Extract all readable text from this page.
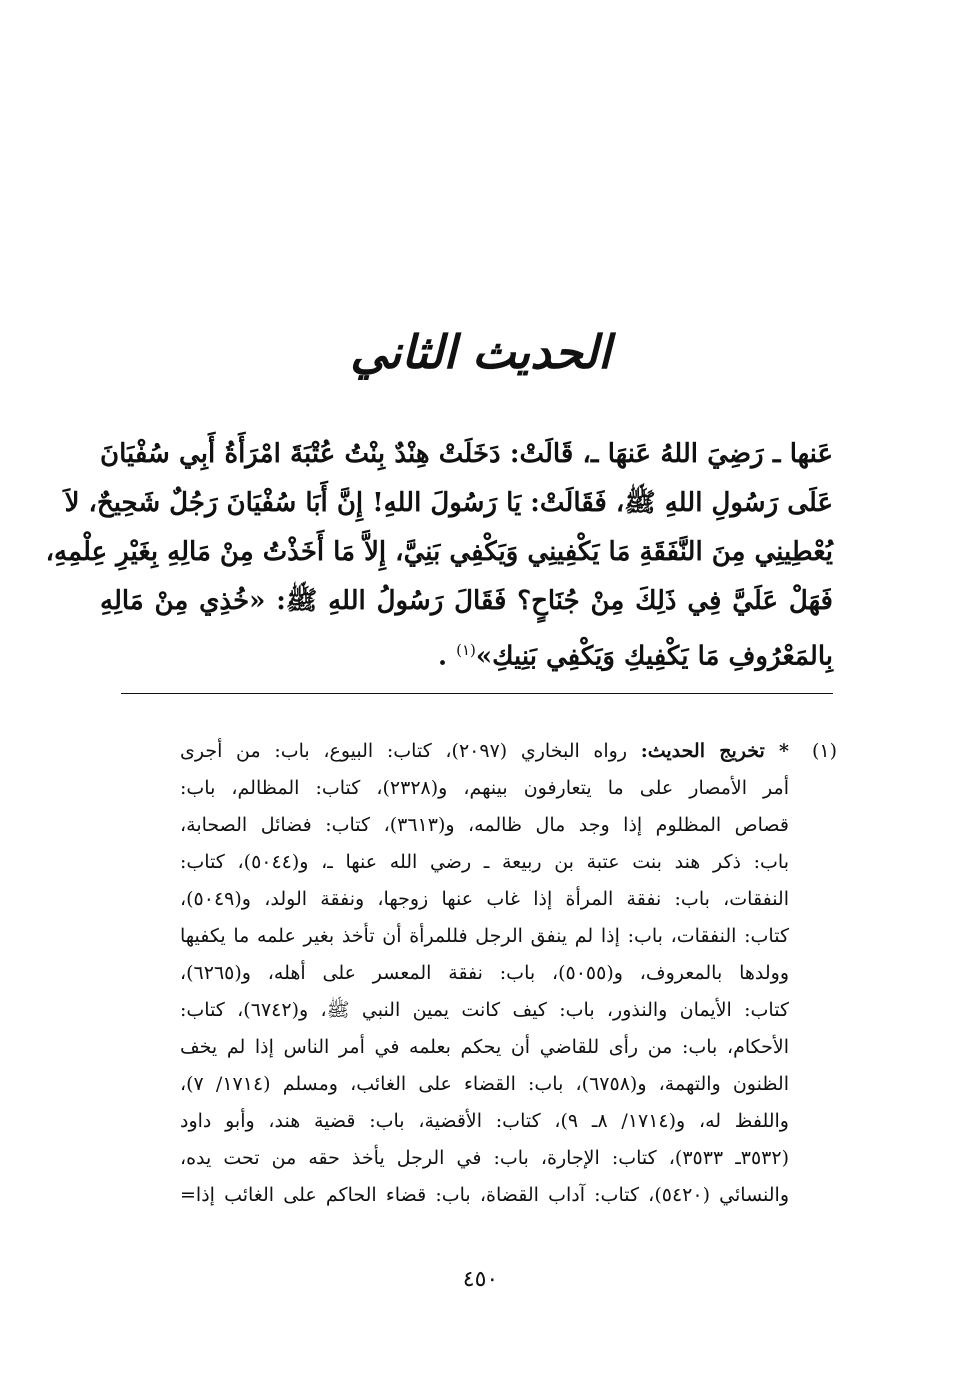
الحديث الثاني
عَنها ـ رَضِيَ اللهُ عَنهَا ـ، قَالَتْ: دَخَلَتْ هِنْدٌ بِنْتُ عُتْبَةَ امْرَأَةُ أَبِي سُفْيَانَ
عَلَى رَسُولِ اللهِ ﷺ، فَقَالَتْ: يَا رَسُولَ اللهِ! إِنَّ أَبَا سُفْيَانَ رَجُلٌ شَحِيحٌ، لاَ
يُعْطِينِي مِنَ النَّفَقَةِ مَا يَكْفِينِي وَيَكْفِي بَنِيَّ، إِلاَّ مَا أَخَذْتُ مِنْ مَالِهِ بِغَيْرِ عِلْمِهِ،
فَهَلْ عَلَيَّ فِي ذَلِكَ مِنْ جُنَاحٍ؟ فَقَالَ رَسُولُ اللهِ ﷺ: «خُذِي مِنْ مَالِهِ
بِالمَعْرُوفِ مَا يَكْفِيكِ وَيَكْفِي بَنِيكِ»$^{(١)}$ .
(١)
* تخريج الحديث: رواه البخاري (٢٠٩٧)، كتاب: البيوع، باب: من أجرى
أمر الأمصار على ما يتعارفون بينهم، و(٢٣٢٨)، كتاب: المظالم، باب:
قصاص المظلوم إذا وجد مال ظالمه، و(٣٦١٣)، كتاب: فضائل الصحابة،
باب: ذكر هند بنت عتبة بن ربيعة ـ رضي الله عنها ـ، و(٥٠٤٤)، كتاب:
النفقات، باب: نفقة المرأة إذا غاب عنها زوجها، ونفقة الولد، و(٥٠٤٩)،
كتاب: النفقات، باب: إذا لم ينفق الرجل فللمرأة أن تأخذ بغير علمه ما يكفيها
وولدها بالمعروف، و(٥٠٥٥)، باب: نفقة المعسر على أهله، و(٦٢٦٥)،
كتاب: الأيمان والنذور، باب: كيف كانت يمين النبي ﷺ، و(٦٧٤٢)، كتاب:
الأحكام، باب: من رأى للقاضي أن يحكم بعلمه في أمر الناس إذا لم يخف
الظنون والتهمة، و(٦٧٥٨)، باب: القضاء على الغائب، ومسلم (١٧١٤/ ٧)،
واللفظ له، و(١٧١٤/ ٨ـ ٩)، كتاب: الأقضية، باب: قضية هند، وأبو داود
(٣٥٣٢ـ ٣٥٣٣)، كتاب: الإجارة، باب: في الرجل يأخذ حقه من تحت يده،
والنسائي (٥٤٢٠)، كتاب: آداب القضاة، باب: قضاء الحاكم على الغائب إذا=
٤٥٠
